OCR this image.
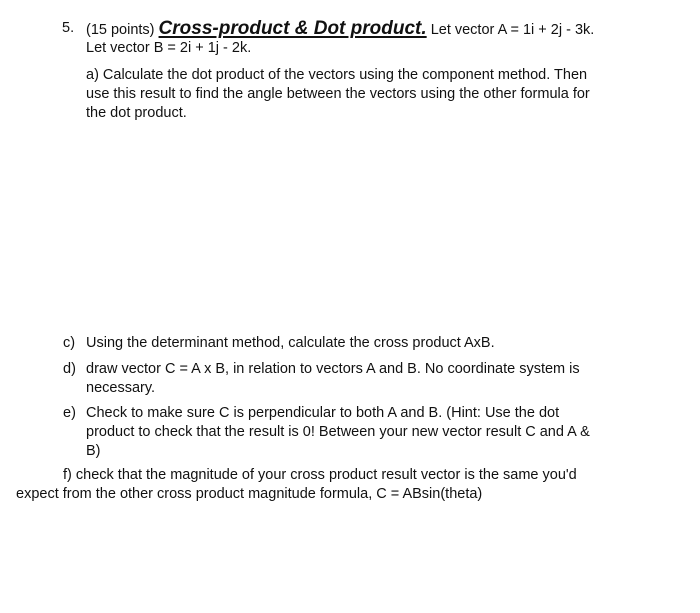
5. (15 points) Cross-product & Dot product. Let vector A = 1i + 2j - 3k.
Let vector B = 2i + 1j - 2k.
a) Calculate the dot product of the vectors using the component method. Then
use this result to find the angle between the vectors using the other formula for
the dot product.
c) Using the determinant method, calculate the cross product AxB.
d) draw vector C = A x B, in relation to vectors A and B. No coordinate system is
necessary.
e) Check to make sure C is perpendicular to both A and B. (Hint: Use the dot
product to check that the result is 0! Between your new vector result C and A &
B)
f) check that the magnitude of your cross product result vector is the same you'd
expect from the other cross product magnitude formula, C = ABsin(theta)
